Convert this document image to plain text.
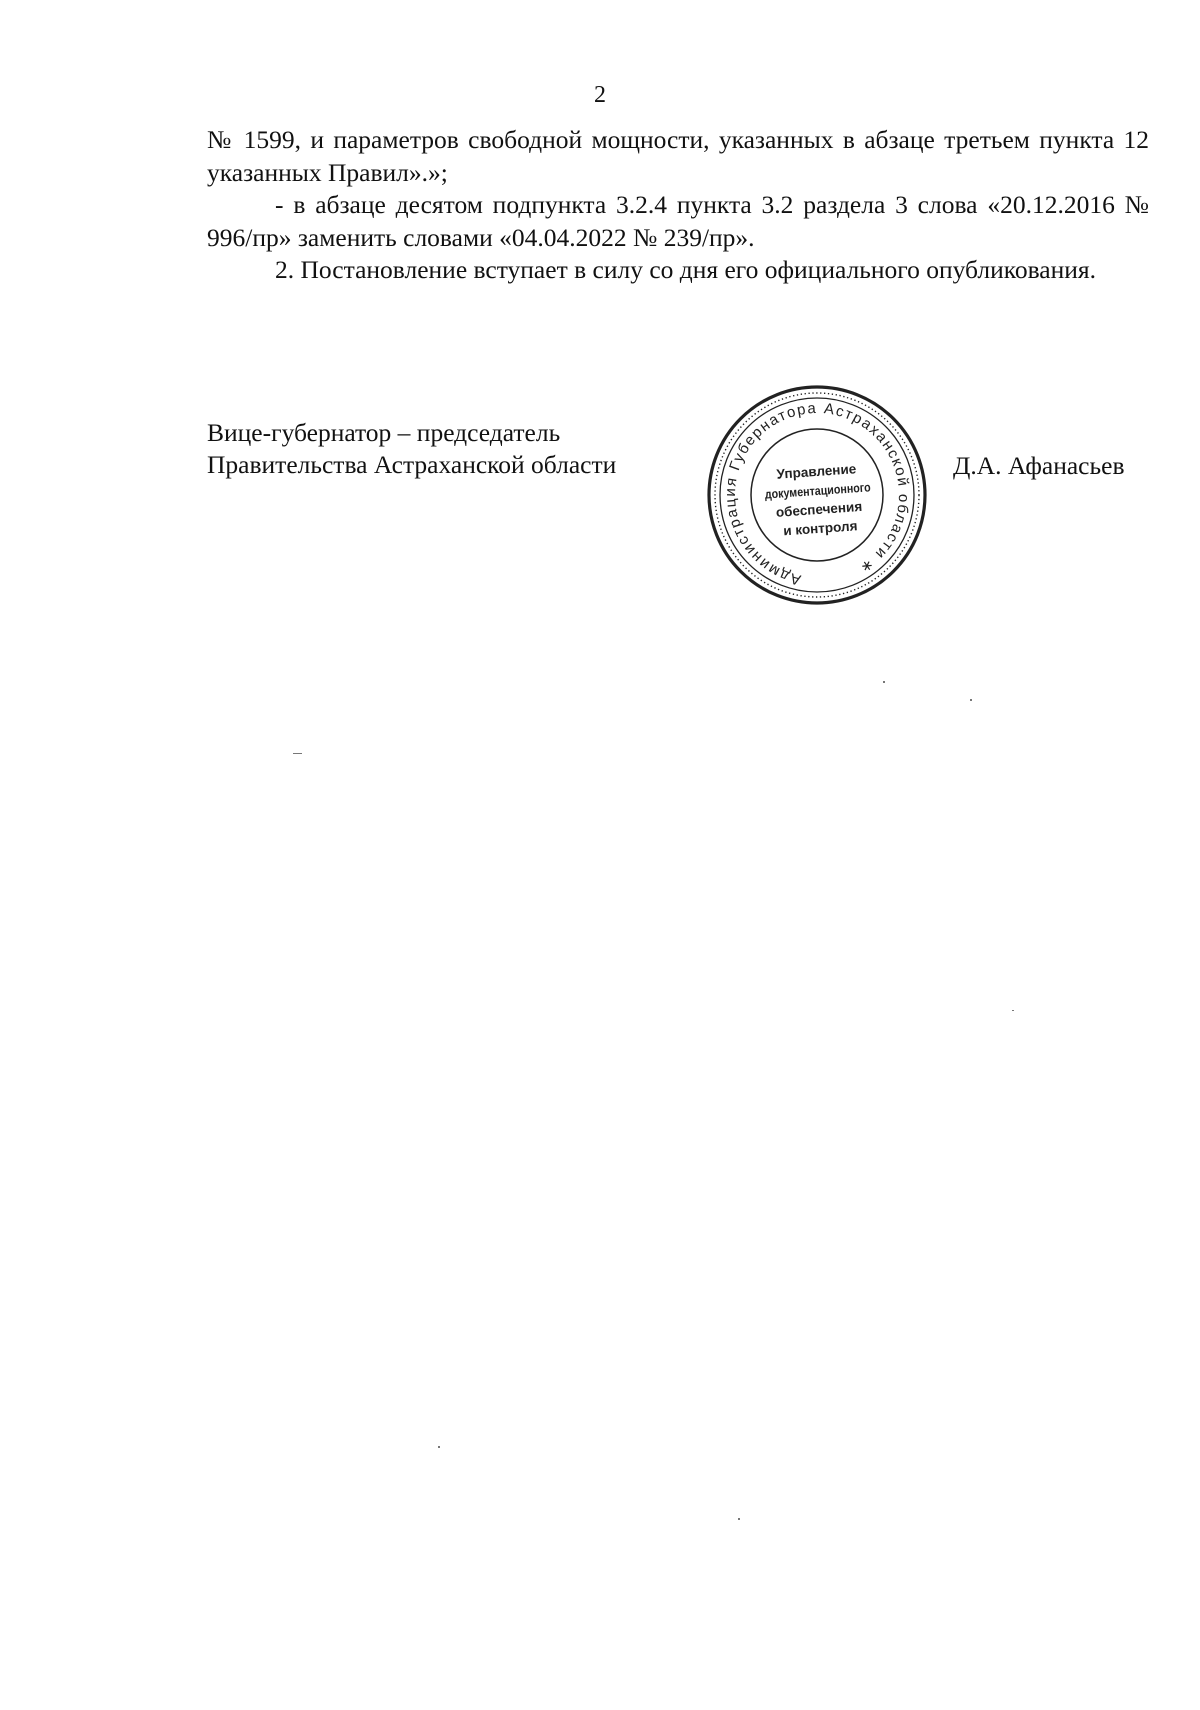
2

№ 1599, и параметров свободной мощности, указанных в абзаце третьем пункта 12 указанных Правил».»;

- в абзаце десятом подпункта 3.2.4 пункта 3.2 раздела 3 слова «20.12.2016 № 996/пр» заменить словами «04.04.2022 № 239/пр».

2. Постановление вступает в силу со дня его официального опубликования.

Вице-губернатор – председатель
Правительства Астраханской области	Д.А. Афанасьев
Администрация Губернатора Астраханской области ∗
Управление
документационного
обеспечения
и контроля
